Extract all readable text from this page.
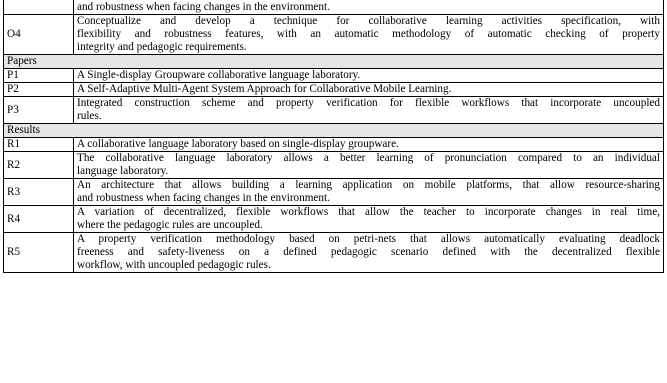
	and robustness when facing changes in the environment.
O4	Conceptualize and develop a technique for collaborative learning activities specification, with
flexibility and robustness features, with an automatic methodology of automatic checking of property
integrity and pedagogic requirements.
Papers	
P1	A Single-display Groupware collaborative language laboratory.
P2	A Self-Adaptive Multi-Agent System Approach for Collaborative Mobile Learning.
P3	Integrated construction scheme and property verification for flexible workflows that incorporate uncoupled
rules.
Results	
R1	A collaborative language laboratory based on single-display groupware.
R2	The collaborative language laboratory allows a better learning of pronunciation compared to an individual
language laboratory.
R3	An architecture that allows building a learning application on mobile platforms, that allow resource-sharing
and robustness when facing changes in the environment.
R4	A variation of decentralized, flexible workflows that allow the teacher to incorporate changes in real time,
where the pedagogic rules are uncoupled.
R5	A property verification methodology based on petri-nets that allows automatically evaluating deadlock
freeness and safety-liveness on a defined pedagogic scenario defined with the decentralized flexible
workflow, with uncoupled pedagogic rules.
